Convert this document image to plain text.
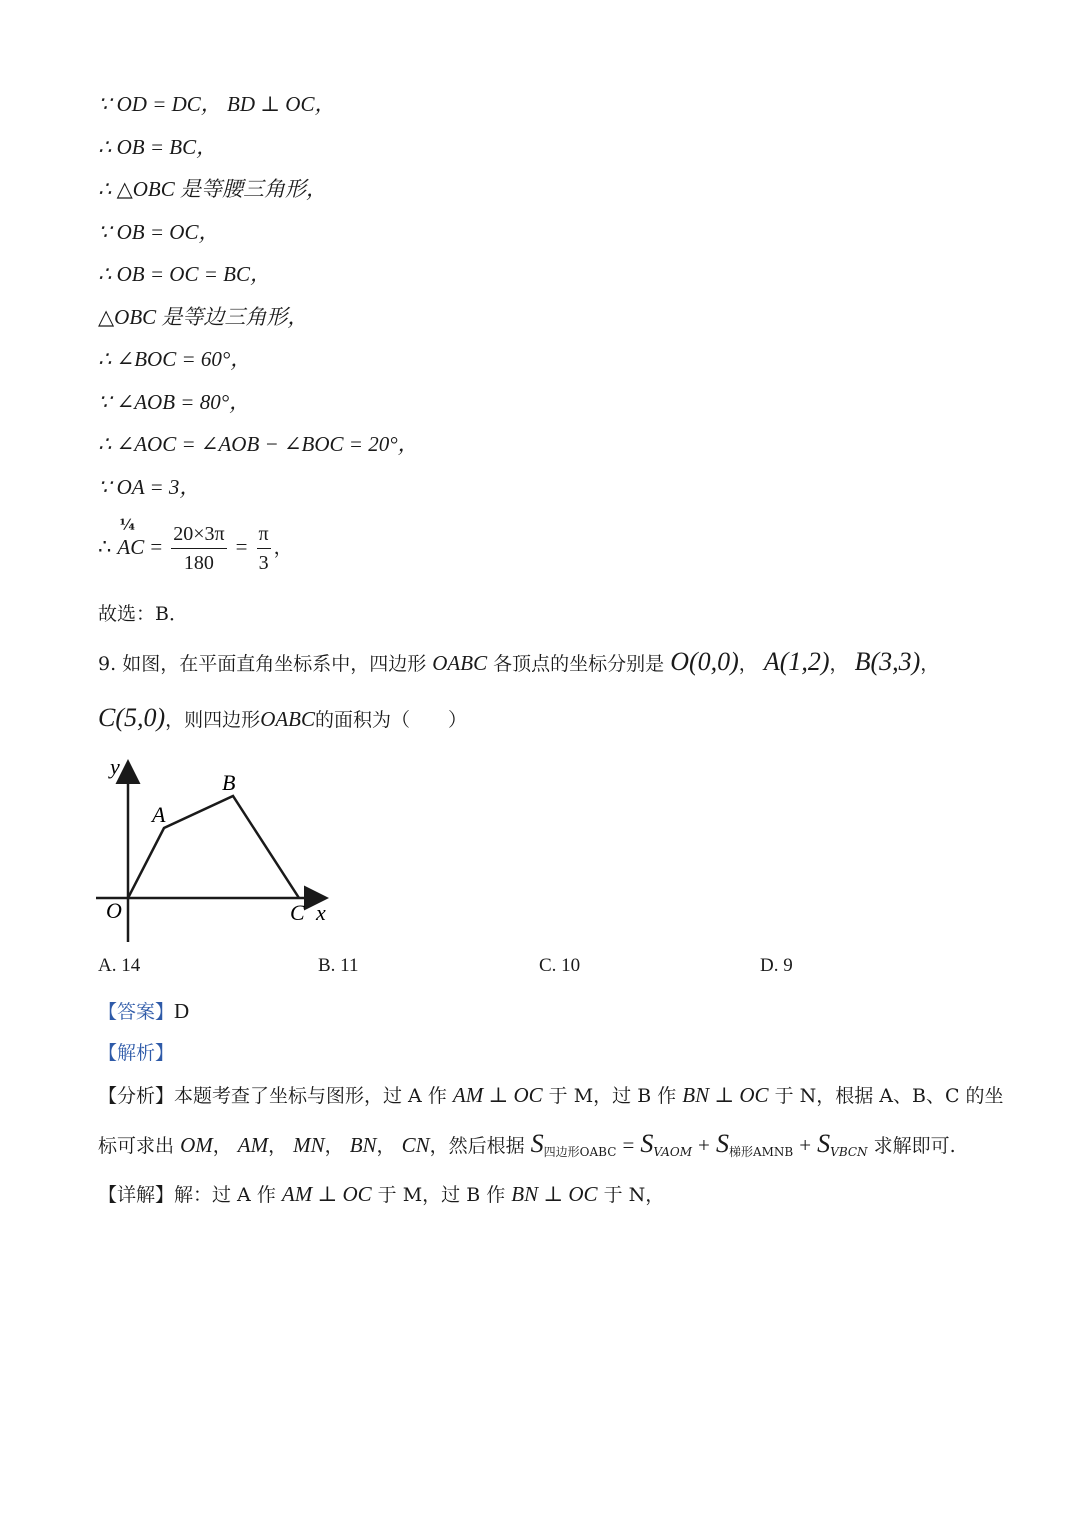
∵ OD = DC， BD ⊥ OC，
∴ OB = BC，
∴ △OBC 是等腰三角形，
∵ OB = OC，
∴ OB = OC = BC，
△OBC 是等边三角形，
∴ ∠BOC = 60°，
∵ ∠AOB = 80°，
∴ ∠AOC = ∠AOB − ∠BOC = 20°，
∵ OA = 3，
∴
¼
AC = $\frac{20\times 3\pi}{180} = \frac{\pi}{3}$ ，
故选：B．
9. 如图，在平面直角坐标系中，四边形 OABC 各顶点的坐标分别是 O(0,0)， A(1,2)， B(3,3)，
C(5,0)，则四边形OABC的面积为（　　）
y
x
O
A
B
C
A. 14	B. 11	C. 10	D. 9
【答案】D
【解析】
【分析】本题考查了坐标与图形，过 A 作 AM ⊥ OC 于 M，过 B 作 BN ⊥ OC 于 N，根据 A、B、C 的坐
标可求出 OM， AM， MN， BN， CN，然后根据 $S_{四边形OABC} = S_{VAOM} + S_{梯形AMNB} + S_{VBCN}$ 求解即可.
【详解】解：过 A 作 AM ⊥ OC 于 M，过 B 作 BN ⊥ OC 于 N，
